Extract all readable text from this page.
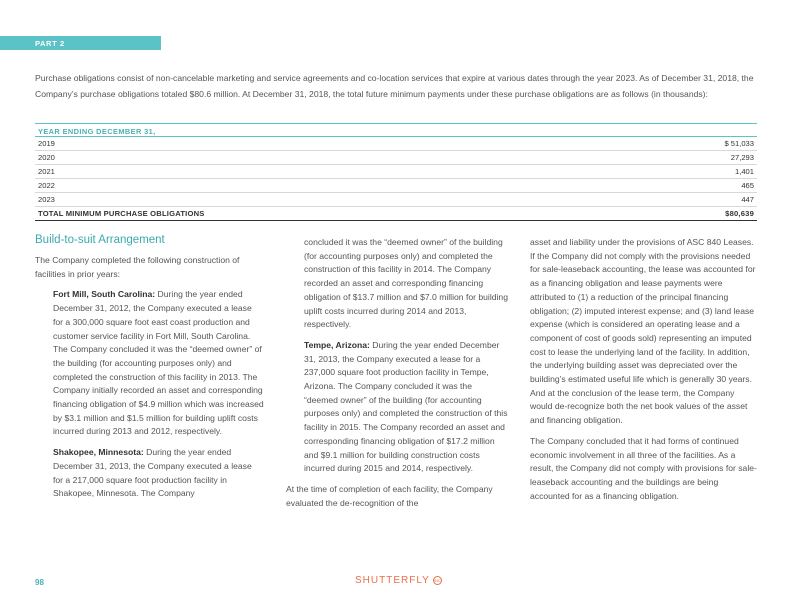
PART 2

Purchase obligations consist of non-cancelable marketing and service agreements and co-location services that expire at various dates through the year 2023. As of December 31, 2018, the Company’s purchase obligations totaled $80.6 million. At December 31, 2018, the total future minimum payments under these purchase obligations are as follows (in thousands):

YEAR ENDING DECEMBER 31,
2019	$ 51,033
2020	27,293
2021	1,401
2022	465
2023	447
TOTAL MINIMUM PURCHASE OBLIGATIONS	$80,639
Build-to-suit Arrangement

The Company completed the following construction of facilities in prior years:

Fort Mill, South Carolina: During the year ended December 31, 2012, the Company executed a lease for a 300,000 square foot east coast production and customer service facility in Fort Mill, South Carolina. The Company concluded it was the “deemed owner” of the building (for accounting purposes only) and completed the construction of this facility in 2013. The Company initially recorded an asset and corresponding financing obligation of $4.9 million which was increased by $3.1 million and $1.5 million for building uplift costs incurred during 2013 and 2012, respectively.

Shakopee, Minnesota: During the year ended December 31, 2013, the Company executed a lease for a 217,000 square foot production facility in Shakopee, Minnesota. The Company

concluded it was the “deemed owner” of the building (for accounting purposes only) and completed the construction of this facility in 2014. The Company recorded an asset and corresponding financing obligation of $13.7 million and $7.0 million for building uplift costs incurred during 2014 and 2013, respectively.

Tempe, Arizona: During the year ended December 31, 2013, the Company executed a lease for a 237,000 square foot production facility in Tempe, Arizona. The Company concluded it was the “deemed owner” of the building (for accounting purposes only) and completed the construction of this facility in 2015. The Company recorded an asset and corresponding financing obligation of $17.2 million and $9.1 million for building construction costs incurred during 2015 and 2014, respectively.

At the time of completion of each facility, the Company evaluated the de-recognition of the

asset and liability under the provisions of ASC 840 Leases. If the Company did not comply with the provisions needed for sale-leaseback accounting, the lease was accounted for as a financing obligation and lease payments were attributed to (1) a reduction of the principal financing obligation; (2) imputed interest expense; and (3) land lease expense (which is considered an operating lease and a component of cost of goods sold) representing an imputed cost to lease the underlying land of the facility. In addition, the underlying building asset was depreciated over the building’s estimated useful life which is generally 30 years. And at the conclusion of the lease term, the Company would de-recognize both the net book values of the asset and financing obligation.

The Company concluded that it had forms of continued economic involvement in all three of the facilities. As a result, the Company did not comply with provisions for sale-leaseback accounting and the buildings are being accounted for as a financing obligation.

98	SHUTTERFLY INC
